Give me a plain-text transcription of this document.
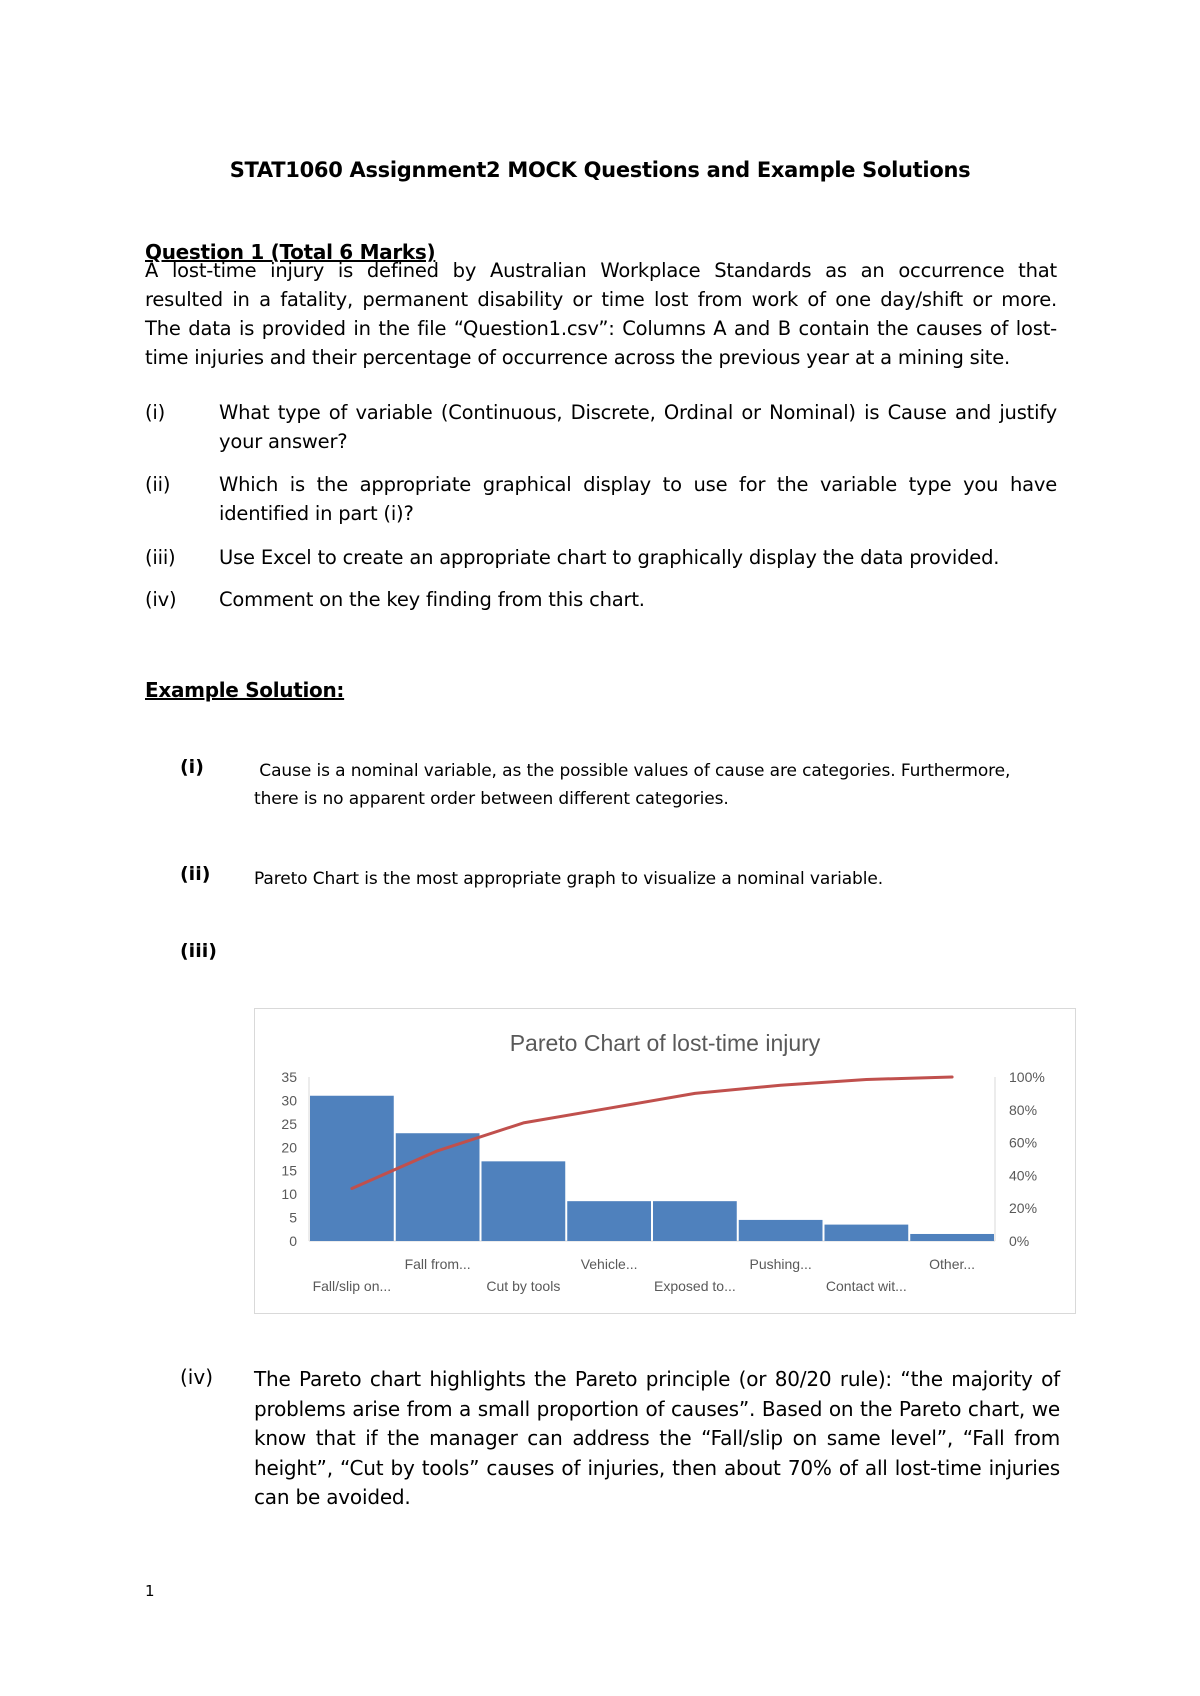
STAT1060 Assignment2 MOCK Questions and Example Solutions
Question 1 (Total 6 Marks)
A lost-time injury is defined by Australian Workplace Standards as an occurrence that
resulted in a fatality, permanent disability or time lost from work of one day/shift or more.
The data is provided in the file “Question1.csv”: Columns A and B contain the causes of lost-
time injuries and their percentage of occurrence across the previous year at a mining site.
(i)	What type of variable (Continuous, Discrete, Ordinal or Nominal) is Cause and justify
your answer?
(ii)	Which is the appropriate graphical display to use for the variable type you have
identified in part (i)?
(iii) Use Excel to create an appropriate chart to graphically display the data provided.
(iv) Comment on the key finding from this chart.
Example Solution:
(i)	Cause is a nominal variable, as the possible values of cause are categories. Furthermore,
there is no apparent order between different categories.
(ii)	Pareto Chart is the most appropriate graph to visualize a nominal variable.
(iii)
Pareto Chart of lost-time injury
0
5
10
15
20
25
30
35
0%
20%
40%
60%
80%
100%
Fall/slip on...
Fall from...
Cut by tools
Vehicle...
Exposed to...
Pushing...
Contact wit...
Other...
(iv) The Pareto chart highlights the Pareto principle (or 80/20 rule): “the majority of
problems arise from a small proportion of causes”. Based on the Pareto chart, we
know that if the manager can address the “Fall/slip on same level”, “Fall from
height”, “Cut by tools” causes of injuries, then about 70% of all lost-time injuries
can be avoided.
1
